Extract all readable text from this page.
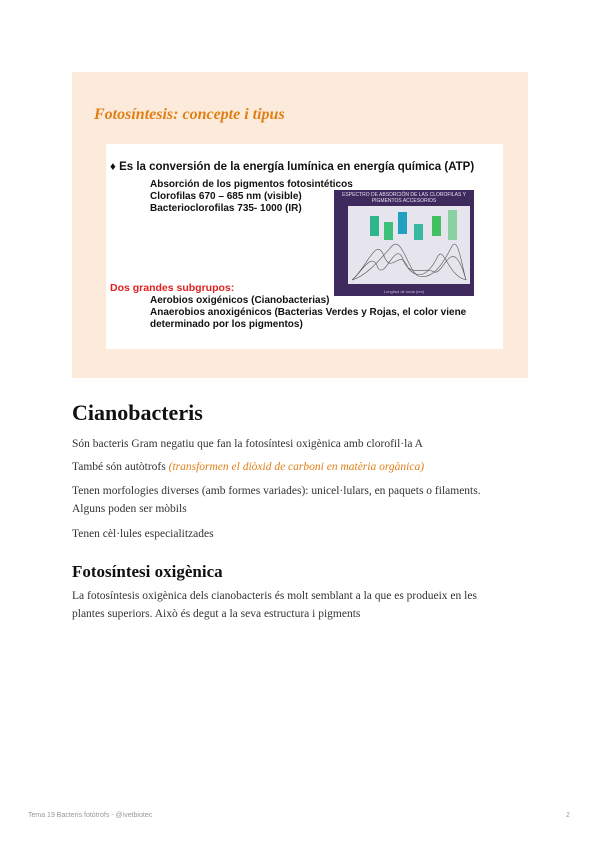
Fotosíntesis: concepte i tipus
♦ Es la conversión de la energía lumínica en energía química (ATP)
Absorción de los pigmentos fotosintéticos
Clorofilas 670 – 685 nm (visible)
Bacterioclorofilas 735- 1000 (IR)
ESPECTRO DE ABSORCIÓN DE LAS CLOROFILAS Y PIGMENTOS ACCESORIOS
Longitud de onda (nm)
Dos grandes subgrupos:
Aerobios oxigénicos (Cianobacterias)
Anaerobios anoxigénicos (Bacterias Verdes y Rojas, el color viene
determinado por los pigmentos)
Cianobacteris

Són bacteris Gram negatiu que fan la fotosíntesi oxigènica amb clorofil·la A

També són autòtrofs (transformen el diòxid de carboni en matèria orgànica)

Tenen morfologies diverses (amb formes variades): unicel·lulars, en paquets o filaments. Alguns poden ser mòbils

Tenen cèl·lules especialitzades

Fotosíntesi oxigènica

La fotosíntesis oxigènica dels cianobacteris és molt semblant a la que es produeix en les plantes superiors. Això és degut a la seva estructura i pigments

Tema 19 Bacteris fotòtrofs - @ivetbiotec	2
